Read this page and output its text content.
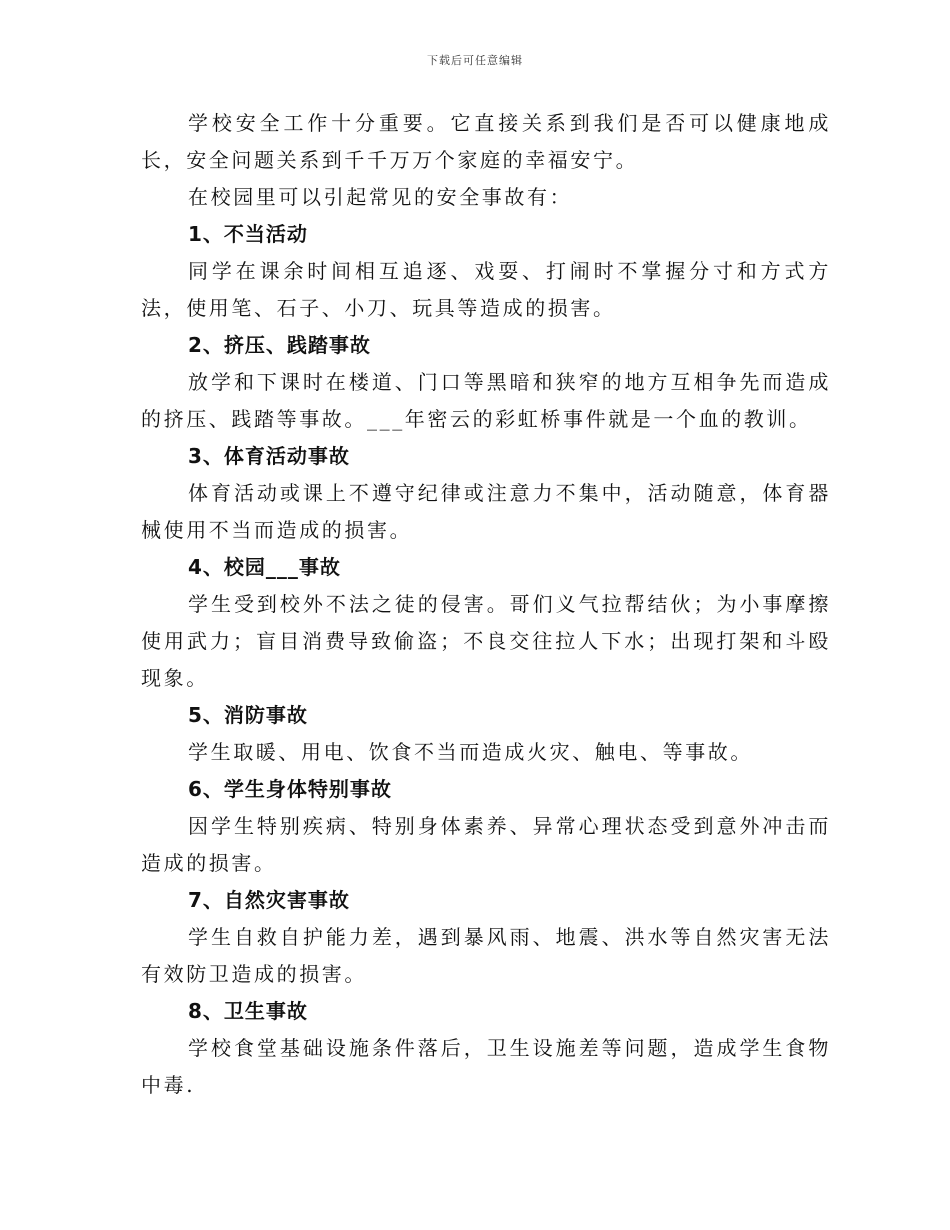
下载后可任意编辑

学校安全工作十分重要。它直接关系到我们是否可以健康地成长，安全问题关系到千千万万个家庭的幸福安宁。

在校园里可以引起常见的安全事故有：

1、不当活动

同学在课余时间相互追逐、戏耍、打闹时不掌握分寸和方式方法，使用笔、石子、小刀、玩具等造成的损害。

2、挤压、践踏事故

放学和下课时在楼道、门口等黑暗和狭窄的地方互相争先而造成的挤压、践踏等事故。___年密云的彩虹桥事件就是一个血的教训。

3、体育活动事故

体育活动或课上不遵守纪律或注意力不集中，活动随意，体育器械使用不当而造成的损害。

4、校园___事故

学生受到校外不法之徒的侵害。哥们义气拉帮结伙；为小事摩擦使用武力；盲目消费导致偷盗；不良交往拉人下水；出现打架和斗殴现象。

5、消防事故

学生取暖、用电、饮食不当而造成火灾、触电、等事故。

6、学生身体特别事故

因学生特别疾病、特别身体素养、异常心理状态受到意外冲击而造成的损害。

7、自然灾害事故

学生自救自护能力差，遇到暴风雨、地震、洪水等自然灾害无法有效防卫造成的损害。

8、卫生事故

学校食堂基础设施条件落后，卫生设施差等问题，造成学生食物中毒.
